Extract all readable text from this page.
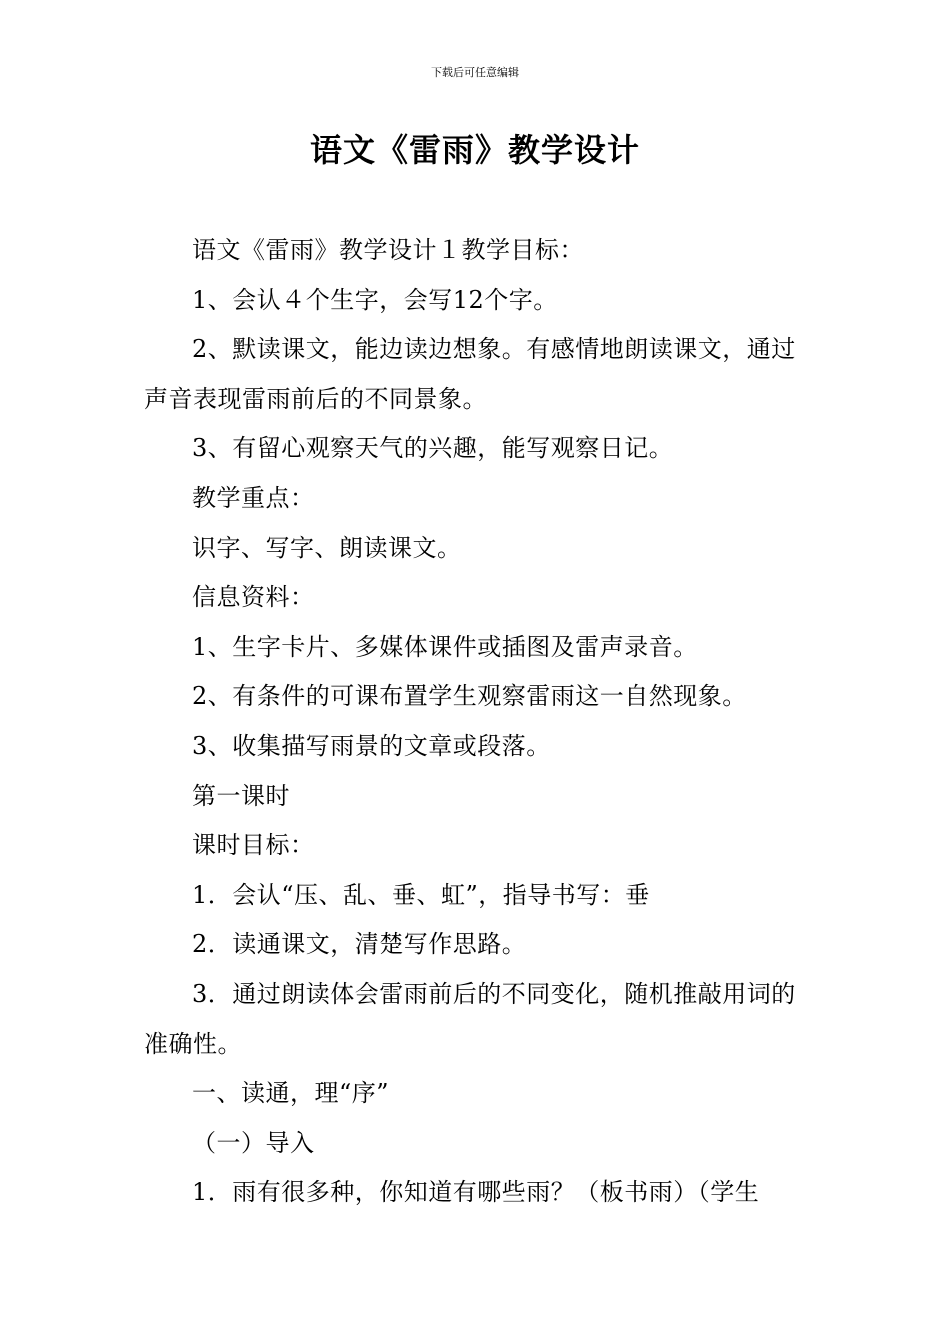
下载后可任意编辑
语文《雷雨》教学设计

语文《雷雨》教学设计１教学目标：

1、会认４个生字，会写12个字。

2、默读课文，能边读边想象。有感情地朗读课文，通过声音表现雷雨前后的不同景象。

3、有留心观察天气的兴趣，能写观察日记。

教学重点：

识字、写字、朗读课文。

信息资料：

1、生字卡片、多媒体课件或插图及雷声录音。

2、有条件的可课布置学生观察雷雨这一自然现象。

3、收集描写雨景的文章或段落。

第一课时

课时目标：

1．会认“压、乱、垂、虹”，指导书写：垂

2．读通课文，清楚写作思路。

3．通过朗读体会雷雨前后的不同变化，随机推敲用词的准确性。

一、读通，理“序”

（一）导入

1．雨有很多种，你知道有哪些雨？（板书雨）（学生
